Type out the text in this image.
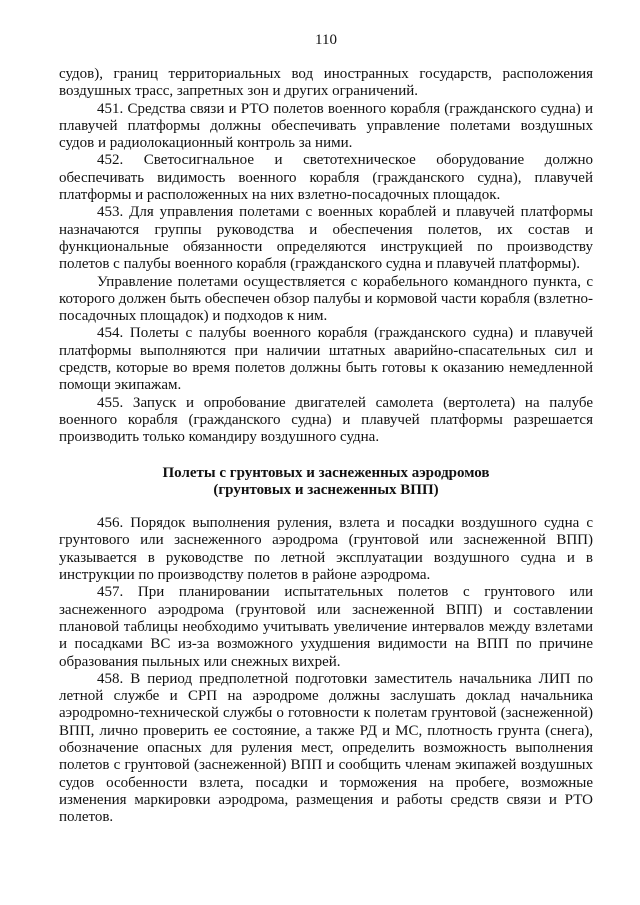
110

судов), границ территориальных вод иностранных государств, расположения воздушных трасс, запретных зон и других ограничений.

451. Средства связи и РТО полетов военного корабля (гражданского судна) и плавучей платформы должны обеспечивать управление полетами воздушных судов и радиолокационный контроль за ними.

452. Светосигнальное и светотехническое оборудование должно обеспечивать видимость военного корабля (гражданского судна), плавучей платформы и расположенных на них взлетно-посадочных площадок.

453. Для управления полетами с военных кораблей и плавучей платформы назначаются группы руководства и обеспечения полетов, их состав и функциональные обязанности определяются инструкцией по производству полетов с палубы военного корабля (гражданского судна и плавучей платформы).

Управление полетами осуществляется с корабельного командного пункта, с которого должен быть обеспечен обзор палубы и кормовой части корабля (взлетно-посадочных площадок) и подходов к ним.

454. Полеты с палубы военного корабля (гражданского судна) и плавучей платформы выполняются при наличии штатных аварийно-спасательных сил и средств, которые во время полетов должны быть готовы к оказанию немедленной помощи экипажам.

455. Запуск и опробование двигателей самолета (вертолета) на палубе военного корабля (гражданского судна) и плавучей платформы разрешается производить только командиру воздушного судна.

Полеты с грунтовых и заснеженных аэродромов
(грунтовых и заснеженных ВПП)

456. Порядок выполнения руления, взлета и посадки воздушного судна с грунтового или заснеженного аэродрома (грунтовой или заснеженной ВПП) указывается в руководстве по летной эксплуатации воздушного судна и в инструкции по производству полетов в районе аэродрома.

457. При планировании испытательных полетов с грунтового или заснеженного аэродрома (грунтовой или заснеженной ВПП) и составлении плановой таблицы необходимо учитывать увеличение интервалов между взлетами и посадками ВС из-за возможного ухудшения видимости на ВПП по причине образования пыльных или снежных вихрей.

458. В период предполетной подготовки заместитель начальника ЛИП по летной службе и СРП на аэродроме должны заслушать доклад начальника аэродромно-технической службы о готовности к полетам грунтовой (заснеженной) ВПП, лично проверить ее состояние, а также РД и МС, плотность грунта (снега), обозначение опасных для руления мест, определить возможность выполнения полетов с грунтовой (заснеженной) ВПП и сообщить членам экипажей воздушных судов особенности взлета, посадки и торможения на пробеге, возможные изменения маркировки аэродрома, размещения и работы средств связи и РТО полетов.
